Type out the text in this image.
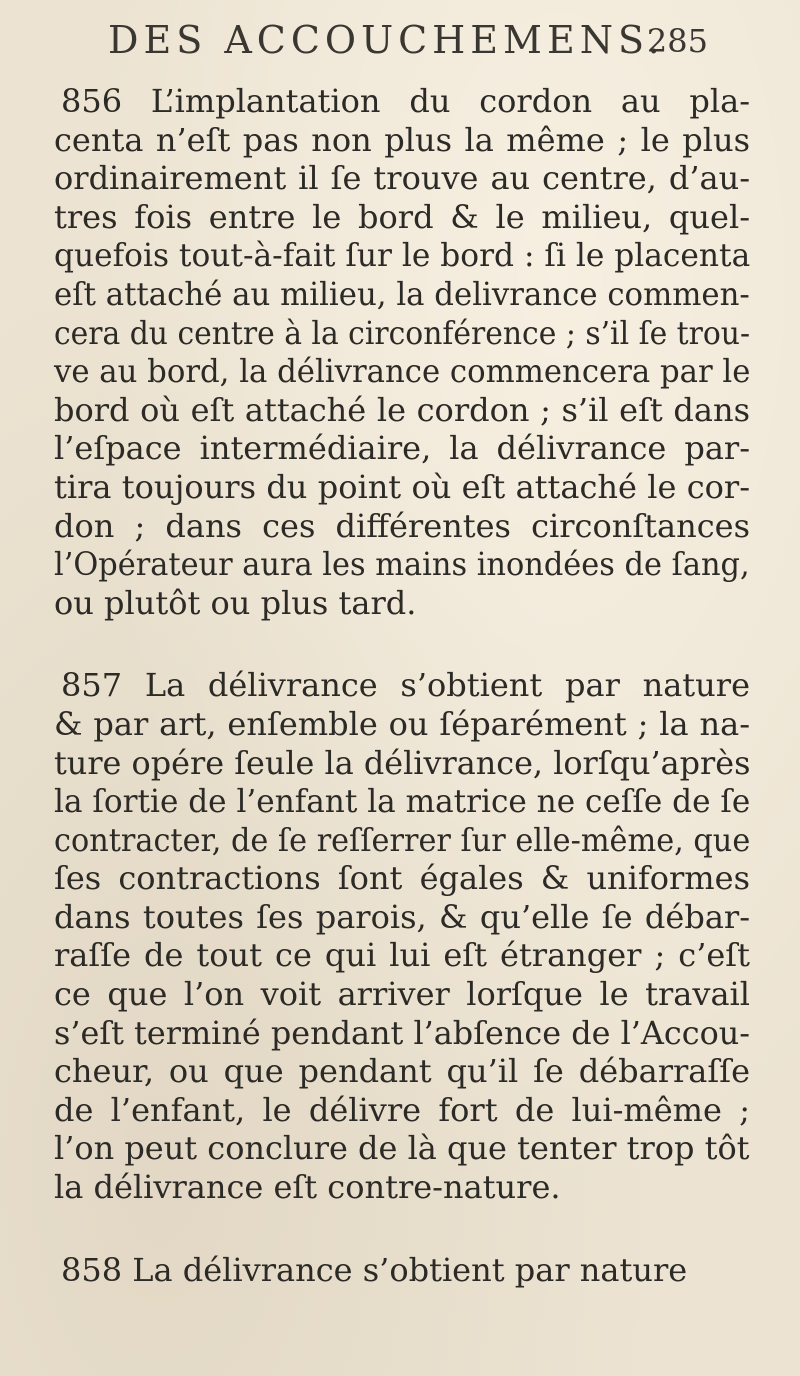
DES ACCOUCHEMENS.
285
856 L’implantation du cordon au pla-
centa n’eſt pas non plus la même ; le plus
ordinairement il ſe trouve au centre, d’au-
tres fois entre le bord & le milieu, quel-
quefois tout-à-fait ſur le bord : ſi le placenta
eſt attaché au milieu, la delivrance commen-
cera du centre à la circonférence ; s’il ſe trou-
ve au bord, la délivrance commencera par le
bord où eſt attaché le cordon ; s’il eſt dans
l’eſpace intermédiaire, la délivrance par-
tira toujours du point où eſt attaché le cor-
don ; dans ces différentes circonſtances
l’Opérateur aura les mains inondées de ſang,
ou plutôt ou plus tard.
857 La délivrance s’obtient par nature
& par art, enſemble ou ſéparément ; la na-
ture opére ſeule la délivrance, lorſqu’après
la ſortie de l’enfant la matrice ne ceſſe de ſe
contracter, de ſe reſſerrer ſur elle-même, que
ſes contractions ſont égales & uniformes
dans toutes ſes parois, & qu’elle ſe débar-
raſſe de tout ce qui lui eſt étranger ; c’eſt
ce que l’on voit arriver lorſque le travail
s’eſt terminé pendant l’abſence de l’Accou-
cheur, ou que pendant qu’il ſe débarraſſe
de l’enfant, le délivre fort de lui-même ;
l’on peut conclure de là que tenter trop tôt
la délivrance eſt contre-nature.
858 La délivrance s’obtient par nature
